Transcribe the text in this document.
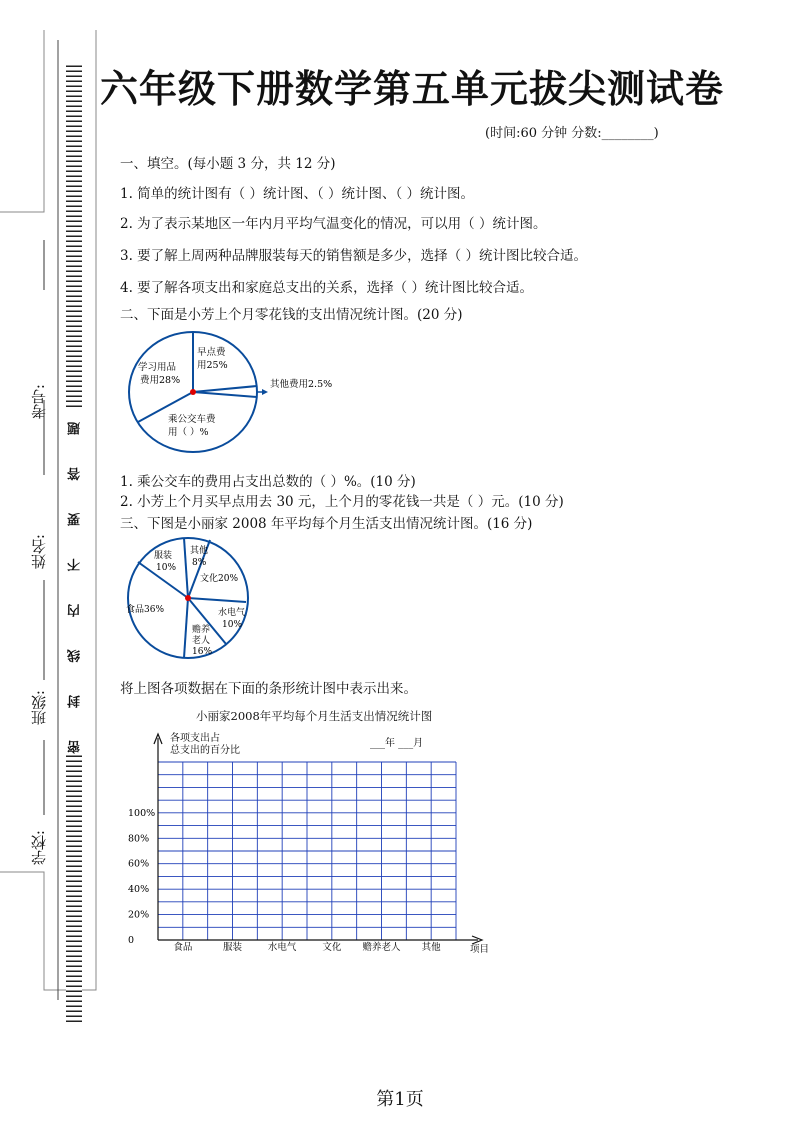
考号:
姓名:
班级:
学校:
密 封 线 内 不 要 答 题
六年级下册数学第五单元拔尖测试卷
(时间:60 分钟 分数:________)
一、填空。(每小题 3 分，共 12 分)
1. 简单的统计图有（ ）统计图、（ ）统计图、（ ）统计图。
2. 为了表示某地区一年内月平均气温变化的情况，可以用（ ）统计图。
3. 要了解上周两种品牌服装每天的销售额是多少，选择（ ）统计图比较合适。
4. 要了解各项支出和家庭总支出的关系，选择（ ）统计图比较合适。
二、下面是小芳上个月零花钱的支出情况统计图。(20 分)
学习用品
费用28%
早点费
用25%
其他费用2.5%
乘公交车费
用（ ）%
1. 乘公交车的费用占支出总数的（ ）%。(10 分)
2. 小芳上个月买早点用去 30 元，上个月的零花钱一共是（ ）元。(10 分)
三、下图是小丽家 2008 年平均每个月生活支出情况统计图。(16 分)
服装
10%
其他
8%
文化20%
水电气
10%
赡养
老人
16%
食品36%
将上图各项数据在下面的条形统计图中表示出来。
小丽家2008年平均每个月生活支出情况统计图
各项支出占
总支出的百分比
___年 ___月
项目
100%
80%
60%
40%
20%
0
食品	服装	水电气	文化 赡养老人 其他
第1页
